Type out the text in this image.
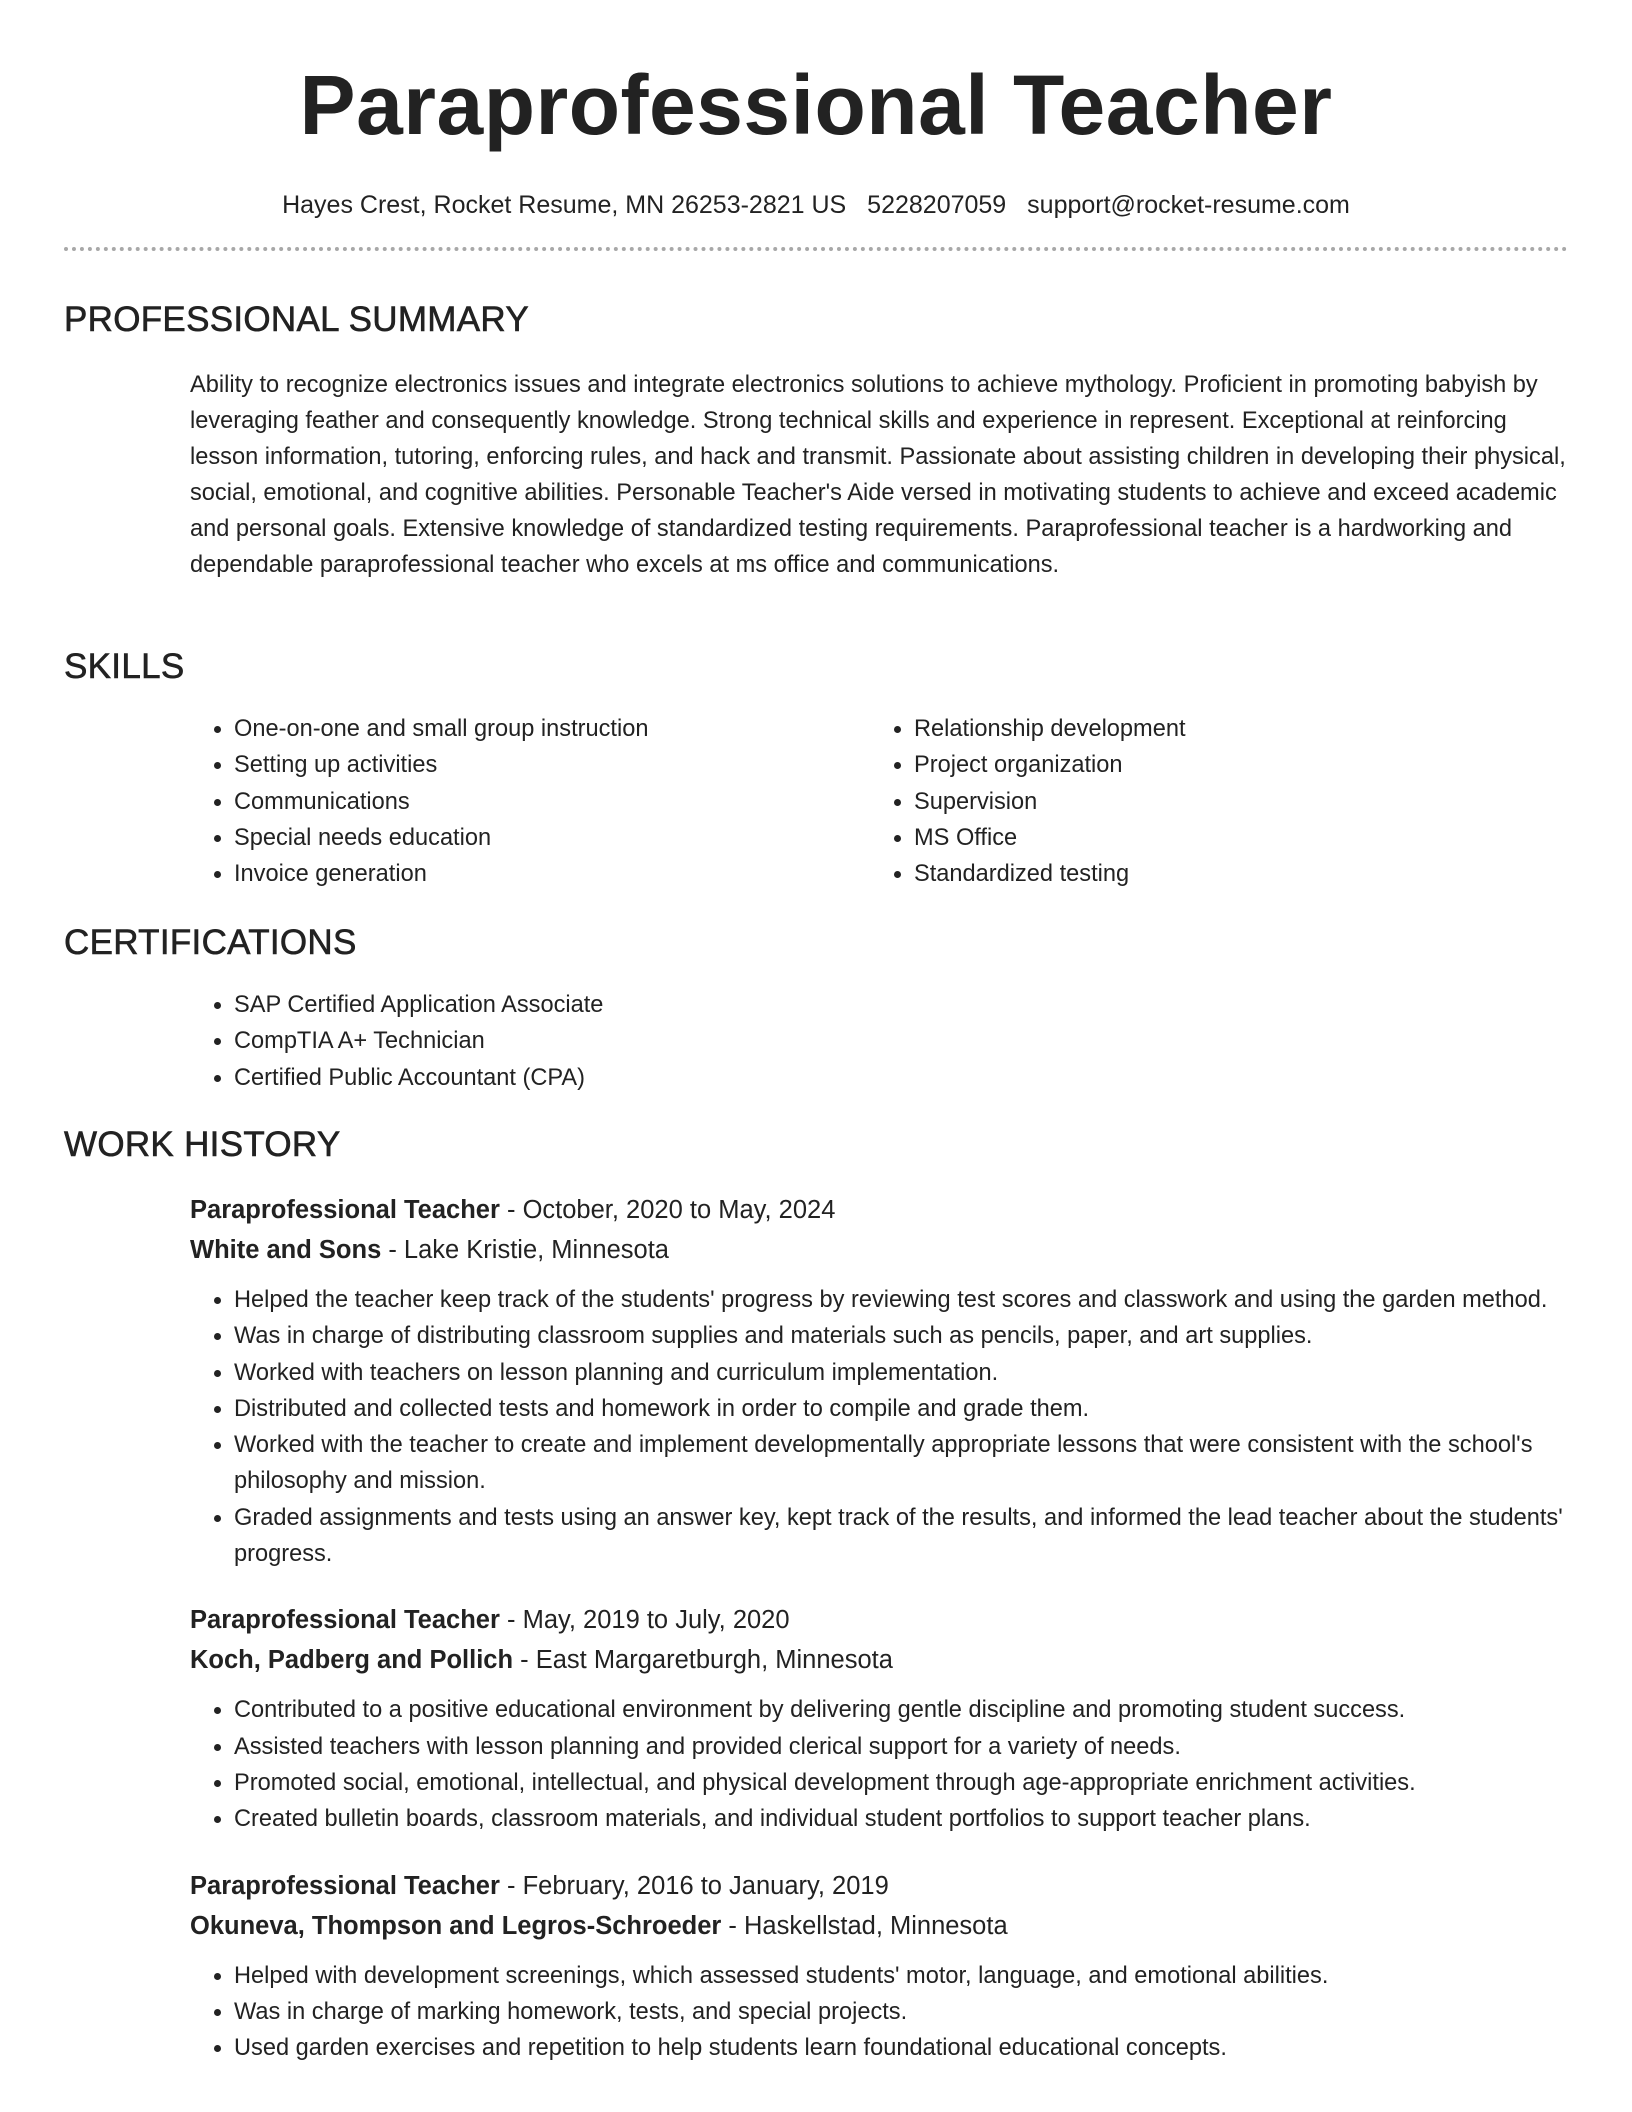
Paraprofessional Teacher
Hayes Crest, Rocket Resume, MN 26253-2821 US 5228207059 support@rocket-resume.com
PROFESSIONAL SUMMARY
Ability to recognize electronics issues and integrate electronics solutions to achieve mythology. Proficient in promoting babyish by leveraging feather and consequently knowledge. Strong technical skills and experience in represent. Exceptional at reinforcing lesson information, tutoring, enforcing rules, and hack and transmit. Passionate about assisting children in developing their physical, social, emotional, and cognitive abilities. Personable Teacher's Aide versed in motivating students to achieve and exceed academic and personal goals. Extensive knowledge of standardized testing requirements. Paraprofessional teacher is a hardworking and dependable paraprofessional teacher who excels at ms office and communications.
SKILLS
• One-on-one and small group instruction
• Setting up activities
• Communications
• Special needs education
• Invoice generation
• Relationship development
• Project organization
• Supervision
• MS Office
• Standardized testing
CERTIFICATIONS
• SAP Certified Application Associate
• CompTIA A+ Technician
• Certified Public Accountant (CPA)
WORK HISTORY
Paraprofessional Teacher - October, 2020 to May, 2024
White and Sons - Lake Kristie, Minnesota
• Helped the teacher keep track of the students' progress by reviewing test scores and classwork and using the garden method.
• Was in charge of distributing classroom supplies and materials such as pencils, paper, and art supplies.
• Worked with teachers on lesson planning and curriculum implementation.
• Distributed and collected tests and homework in order to compile and grade them.
• Worked with the teacher to create and implement developmentally appropriate lessons that were consistent with the school's philosophy and mission.
• Graded assignments and tests using an answer key, kept track of the results, and informed the lead teacher about the students' progress.
Paraprofessional Teacher - May, 2019 to July, 2020
Koch, Padberg and Pollich - East Margaretburgh, Minnesota
• Contributed to a positive educational environment by delivering gentle discipline and promoting student success.
• Assisted teachers with lesson planning and provided clerical support for a variety of needs.
• Promoted social, emotional, intellectual, and physical development through age-appropriate enrichment activities.
• Created bulletin boards, classroom materials, and individual student portfolios to support teacher plans.
Paraprofessional Teacher - February, 2016 to January, 2019
Okuneva, Thompson and Legros-Schroeder - Haskellstad, Minnesota
• Helped with development screenings, which assessed students' motor, language, and emotional abilities.
• Was in charge of marking homework, tests, and special projects.
• Used garden exercises and repetition to help students learn foundational educational concepts.
